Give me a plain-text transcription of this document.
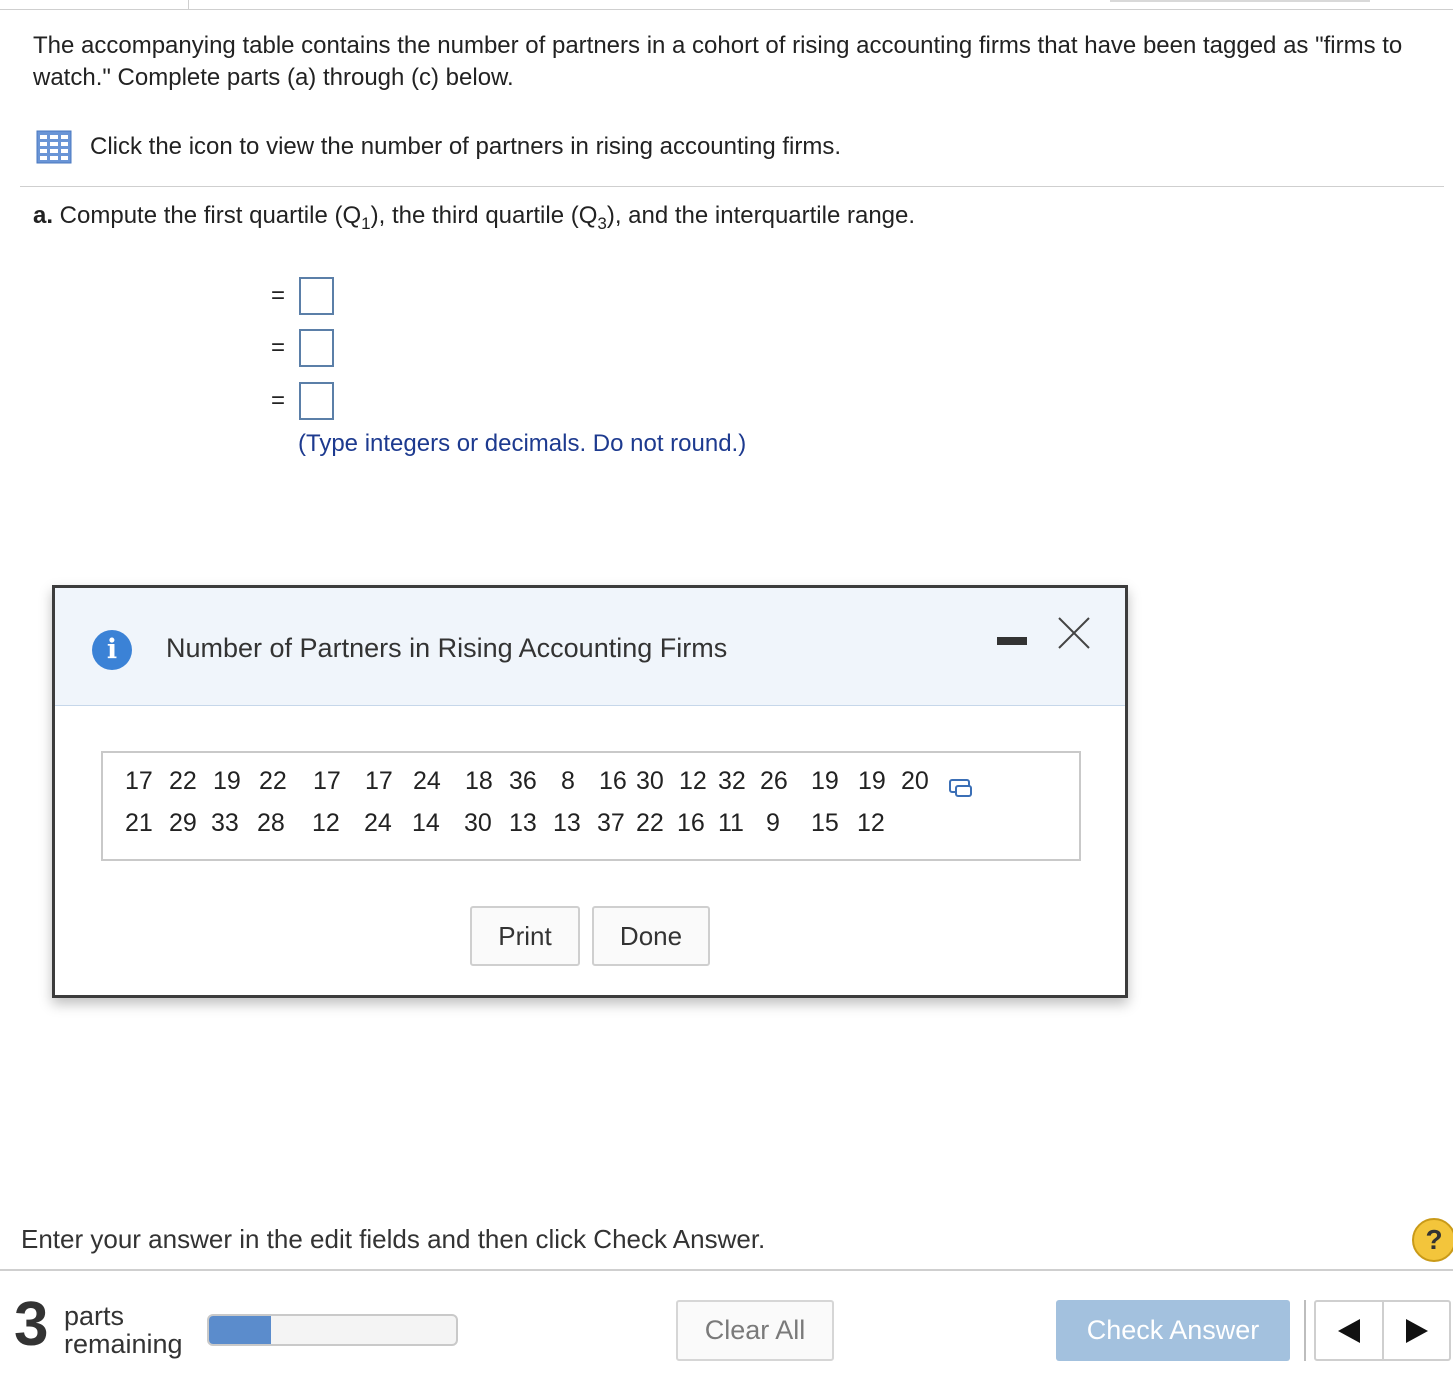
The accompanying table contains the number of partners in a cohort of rising accounting firms that have been tagged as "firms to watch." Complete parts (a) through (c) below.
Click the icon to view the number of partners in rising accounting firms.
a. Compute the first quartile $(Q_1)$, the third quartile $(Q_3)$, and the interquartile range.
=
=
=
(Type integers or decimals. Do not round.)
i	Number of Partners in Rising Accounting Firms
17 22 19 22 17 17 24 18 36 8 16 30 12 32 26 19 19 20
21 29 33 28 12 24 14 30 13 13 37 22 16 11 9 15 12
Print	Done
Enter your answer in the edit fields and then click Check Answer.	?
3 parts
remaining	Clear All	Check Answer
